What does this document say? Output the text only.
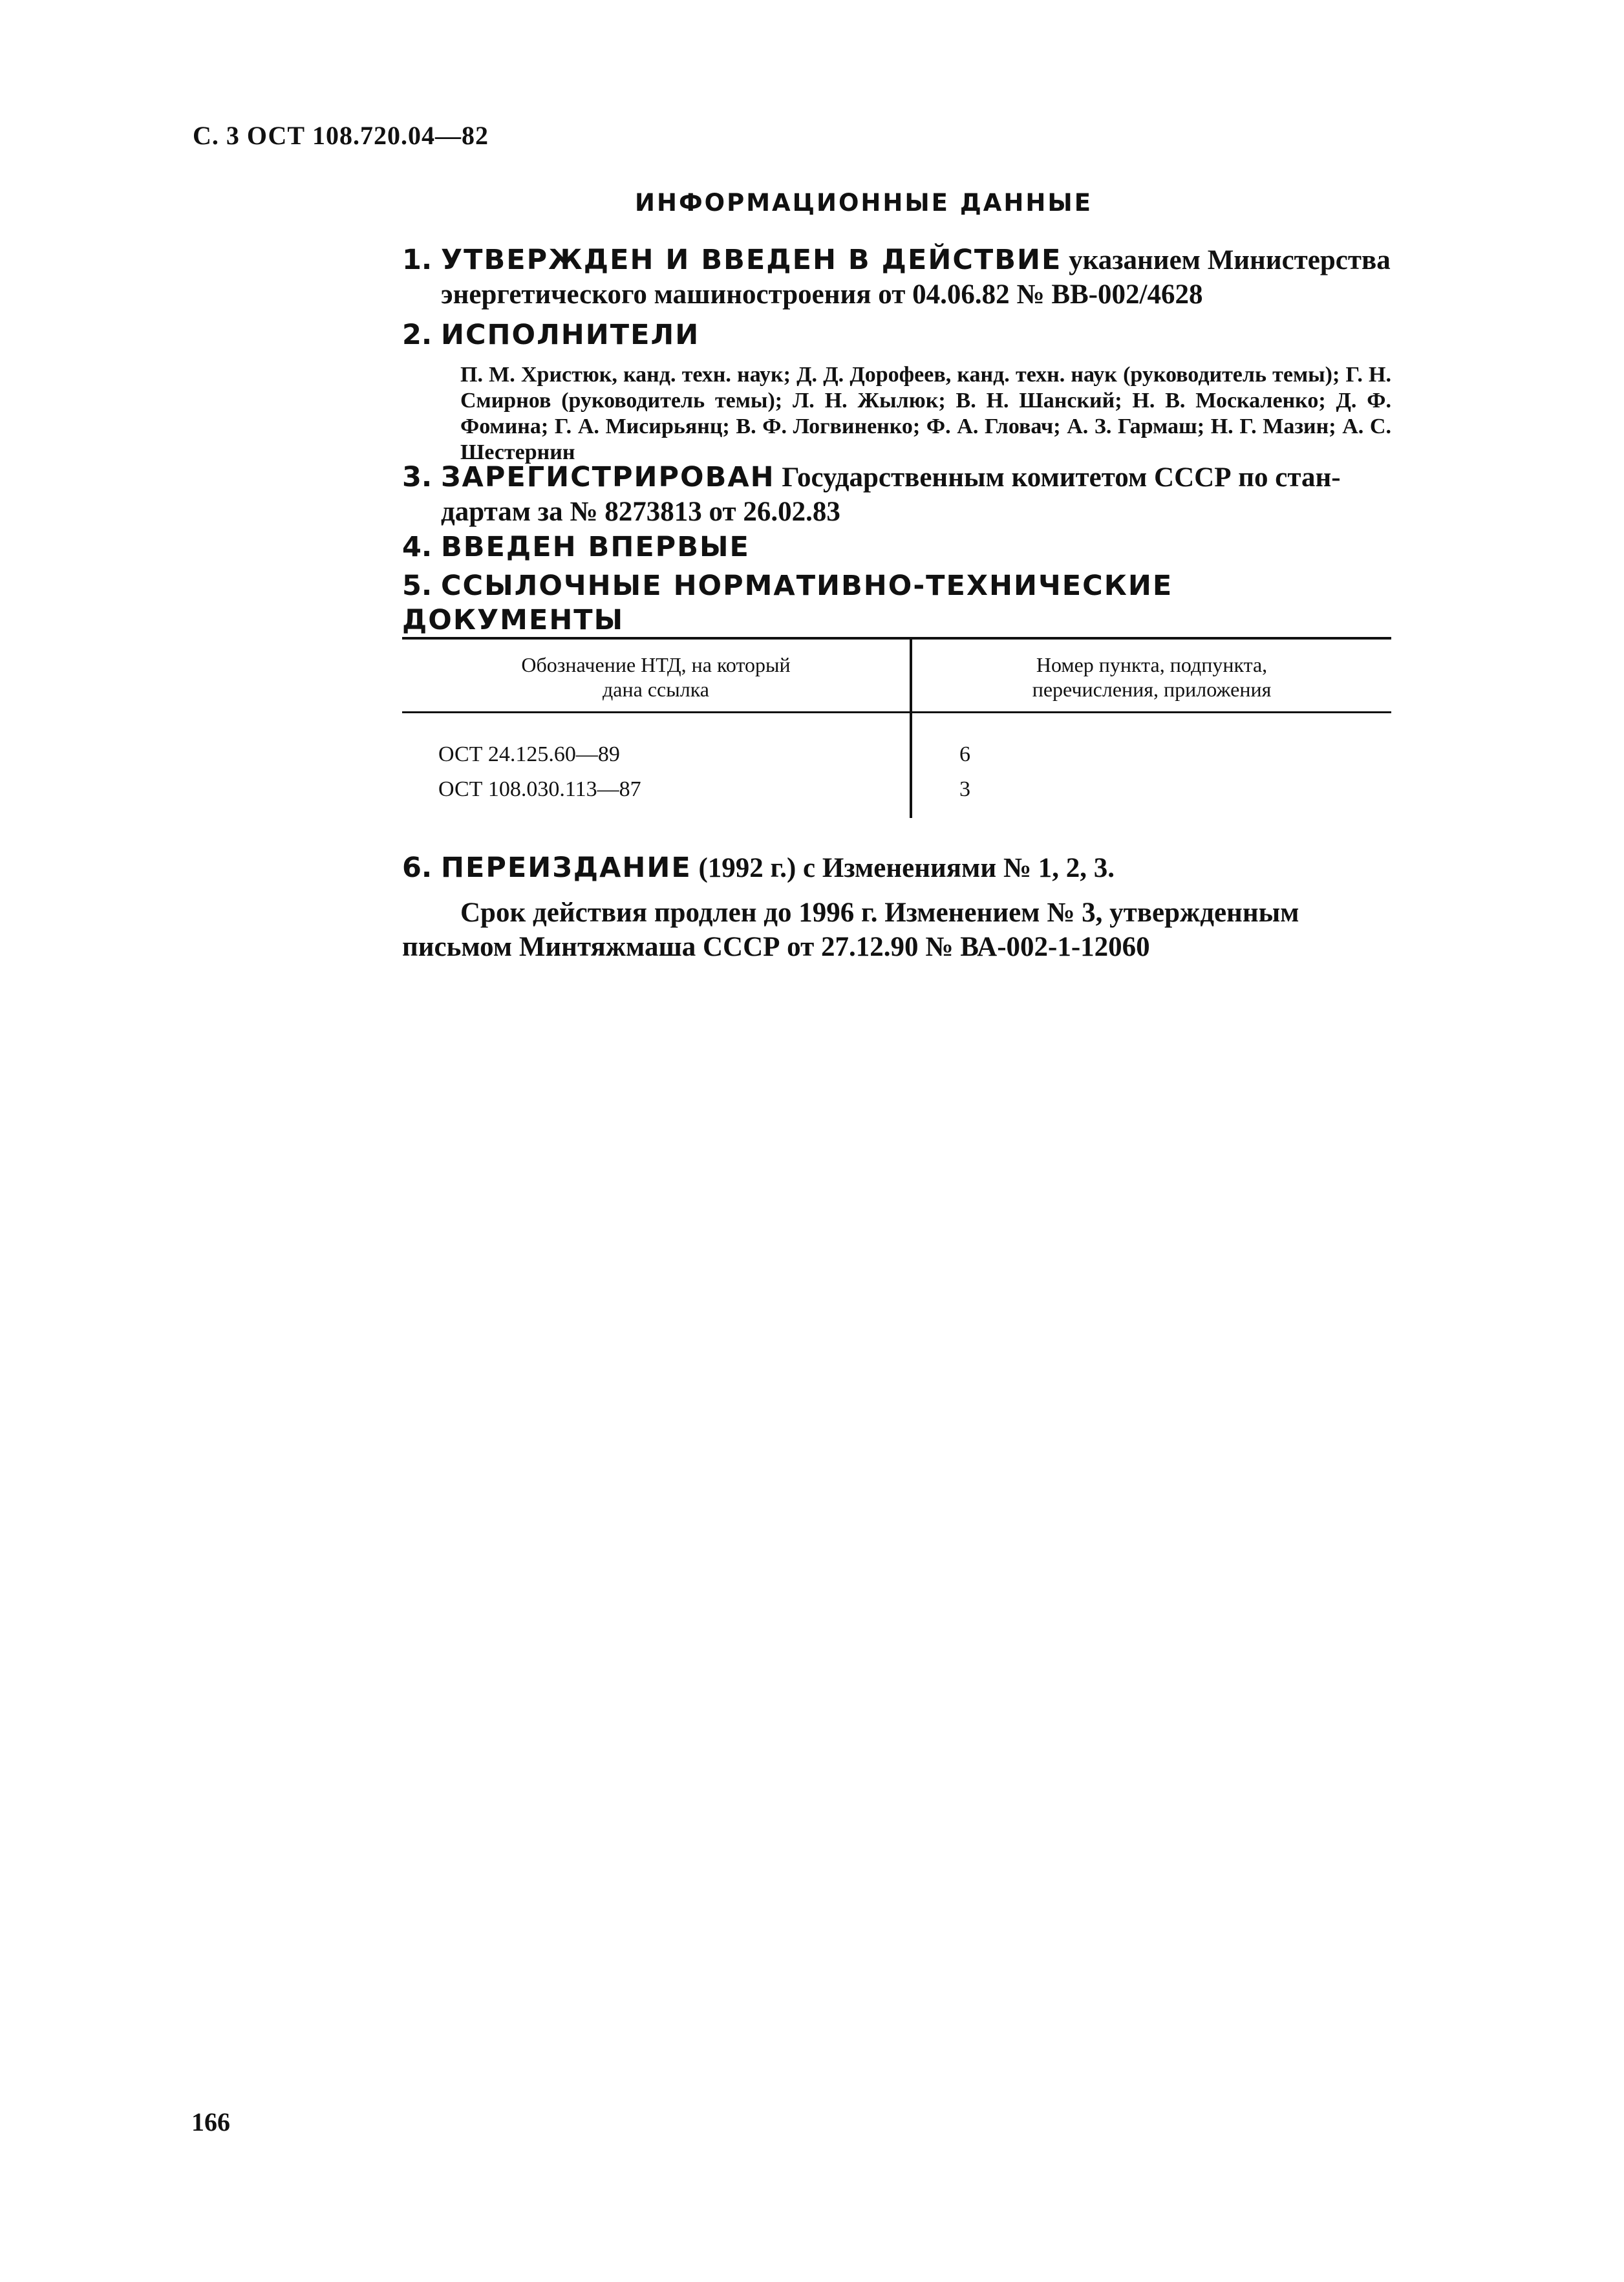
С. 3 ОСТ 108.720.04—82
ИНФОРМАЦИОННЫЕ ДАННЫЕ
1. УТВЕРЖДЕН И ВВЕДЕН В ДЕЙСТВИЕ указанием Министерства
энергетического машиностроения от 04.06.82 № ВВ-002/4628
2. ИСПОЛНИТЕЛИ
П. М. Христюк, канд. техн. наук; Д. Д. Дорофеев, канд. техн. наук (руководитель темы); Г. Н. Смирнов (руководитель темы); Л. Н. Жылюк; В. Н. Шанский; Н. В. Москаленко; Д. Ф. Фомина; Г. А. Мисирьянц; В. Ф. Логвиненко; Ф. А. Гловач; А. З. Гармаш; Н. Г. Мазин; А. С. Шестернин
3. ЗАРЕГИСТРИРОВАН Государственным комитетом СССР по стан-
дартам за № 8273813 от 26.02.83
4. ВВЕДЕН ВПЕРВЫЕ
5. ССЫЛОЧНЫЕ НОРМАТИВНО-ТЕХНИЧЕСКИЕ ДОКУМЕНТЫ
Обозначение НТД, на который
дана ссылка
Номер пункта, подпункта,
перечисления, приложения
ОСТ 24.125.60—89	6
ОСТ 108.030.113—87	3
6. ПЕРЕИЗДАНИЕ (1992 г.) с Изменениями № 1, 2, 3.
Срок действия продлен до 1996 г. Изменением № 3, утвержденным
письмом Минтяжмаша СССР от 27.12.90 № ВА-002-1-12060
166
